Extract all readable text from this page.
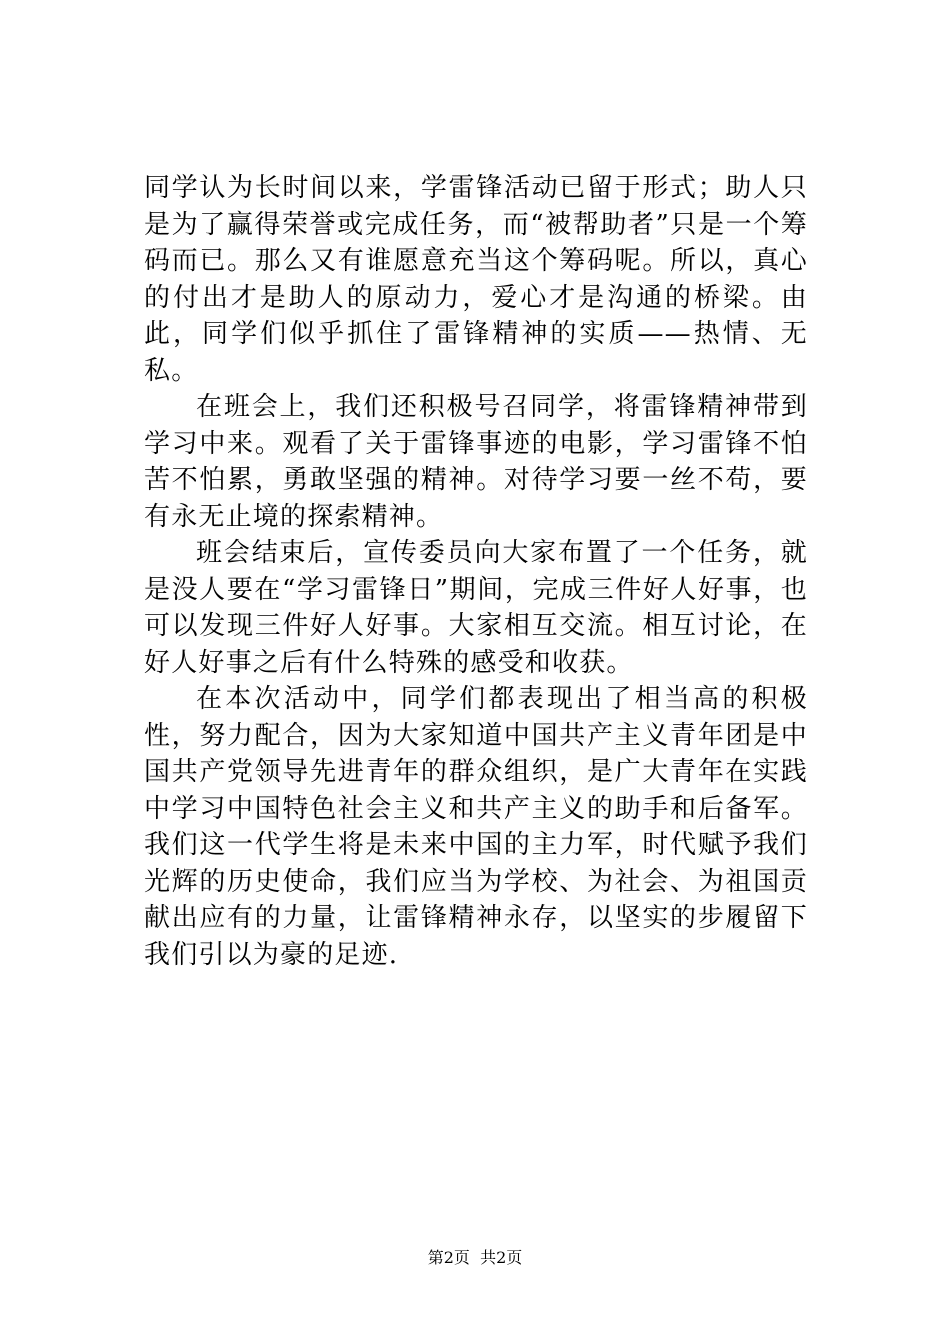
同学认为长时间以来，学雷锋活动已留于形式；助人只是为了赢得荣誉或完成任务，而“被帮助者”只是一个筹码而已。那么又有谁愿意充当这个筹码呢。所以，真心的付出才是助人的原动力，爱心才是沟通的桥梁。由此，同学们似乎抓住了雷锋精神的实质——热情、无私。

在班会上，我们还积极号召同学，将雷锋精神带到学习中来。观看了关于雷锋事迹的电影，学习雷锋不怕苦不怕累，勇敢坚强的精神。对待学习要一丝不苟，要有永无止境的探索精神。

班会结束后，宣传委员向大家布置了一个任务，就是没人要在“学习雷锋日”期间，完成三件好人好事，也可以发现三件好人好事。大家相互交流。相互讨论，在好人好事之后有什么特殊的感受和收获。

在本次活动中，同学们都表现出了相当高的积极性，努力配合，因为大家知道中国共产主义青年团是中国共产党领导先进青年的群众组织，是广大青年在实践中学习中国特色社会主义和共产主义的助手和后备军。我们这一代学生将是未来中国的主力军，时代赋予我们光辉的历史使命，我们应当为学校、为社会、为祖国贡献出应有的力量，让雷锋精神永存，以坚实的步履留下我们引以为豪的足迹.

第2页  共2页
